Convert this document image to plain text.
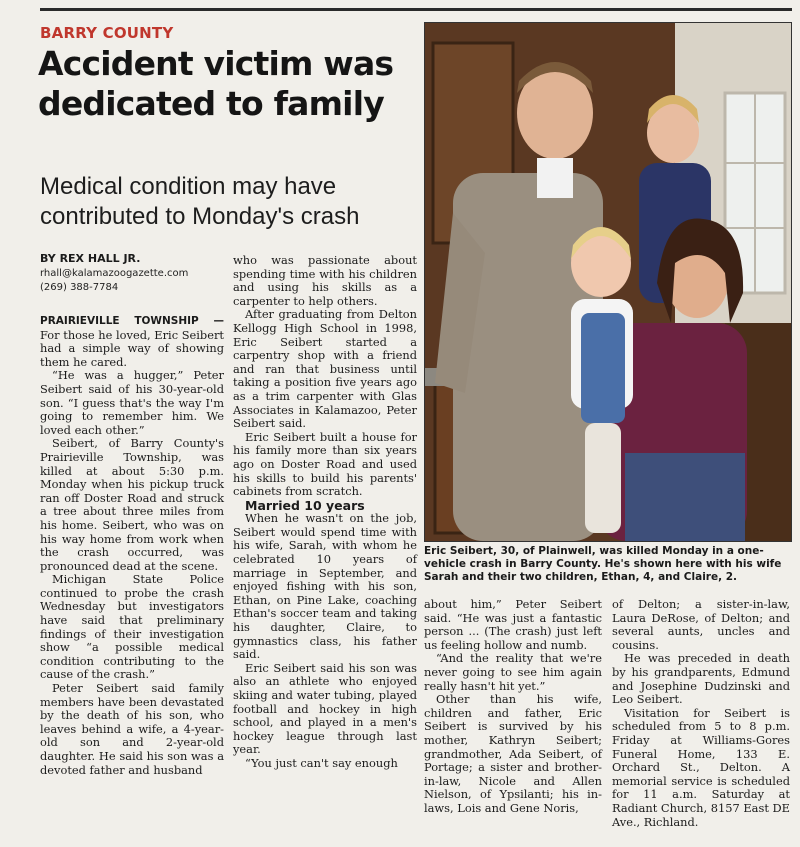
BARRY COUNTY
Accident victim was dedicated to family
Medical condition may have contributed to Monday's crash
BY REX HALL JR.
rhall@kalamazoogazette.com
(269) 388-7784

PRAIRIEVILLE TOWNSHIP — For those he loved, Eric Seibert had a simple way of showing them he cared.

“He was a hugger,” Peter Seibert said of his 30-year-old son. “I guess that's the way I'm going to remember him. We loved each other.”

Seibert, of Barry County's Prairieville Township, was killed at about 5:30 p.m. Monday when his pickup truck ran off Doster Road and struck a tree about three miles from his home. Seibert, who was on his way home from work when the crash occurred, was pronounced dead at the scene.

Michigan State Police continued to probe the crash Wednesday but investigators have said that preliminary findings of their investigation show “a possible medical condition contributing to the cause of the crash.”

Peter Seibert said family members have been devastated by the death of his son, who leaves behind a wife, a 4-year-old son and 2-year-old daughter. He said his son was a devoted father and husband

who was passionate about spending time with his children and using his skills as a carpenter to help others.

After graduating from Delton Kellogg High School in 1998, Eric Seibert started a carpentry shop with a friend and ran that business until taking a position five years ago as a trim carpenter with Glas Associates in Kalamazoo, Peter Seibert said.

Eric Seibert built a house for his family more than six years ago on Doster Road and used his skills to build his parents' cabinets from scratch.

Married 10 years

When he wasn't on the job, Seibert would spend time with his wife, Sarah, with whom he celebrated 10 years of marriage in September, and enjoyed fishing with his son, Ethan, on Pine Lake, coaching Ethan's soccer team and taking his daughter, Claire, to gymnastics class, his father said.

Eric Seibert said his son was also an athlete who enjoyed skiing and water tubing, played football and hockey in high school, and played in a men's hockey league through last year.

“You just can't say enough

Eric Seibert, 30, of Plainwell, was killed Monday in a one-vehicle crash in Barry County. He's shown here with his wife Sarah and their two children, Ethan, 4, and Claire, 2.

about him,” Peter Seibert said. “He was just a fantastic person ... (The crash) just left us feeling hollow and numb.

“And the reality that we're never going to see him again really hasn't hit yet.”

Other than his wife, children and father, Eric Seibert is survived by his mother, Kathryn Seibert; grandmother, Ada Seibert, of Portage; a sister and brother-in-law, Nicole and Allen Nielson, of Ypsilanti; his in-laws, Lois and Gene Noris,

of Delton; a sister-in-law, Laura DeRose, of Delton; and several aunts, uncles and cousins.

He was preceded in death by his grandparents, Edmund and Josephine Dudzinski and Leo Seibert.

Visitation for Seibert is scheduled from 5 to 8 p.m. Friday at Williams-Gores Funeral Home, 133 E. Orchard St., Delton. A memorial service is scheduled for 11 a.m. Saturday at Radiant Church, 8157 East DE Ave., Richland.
